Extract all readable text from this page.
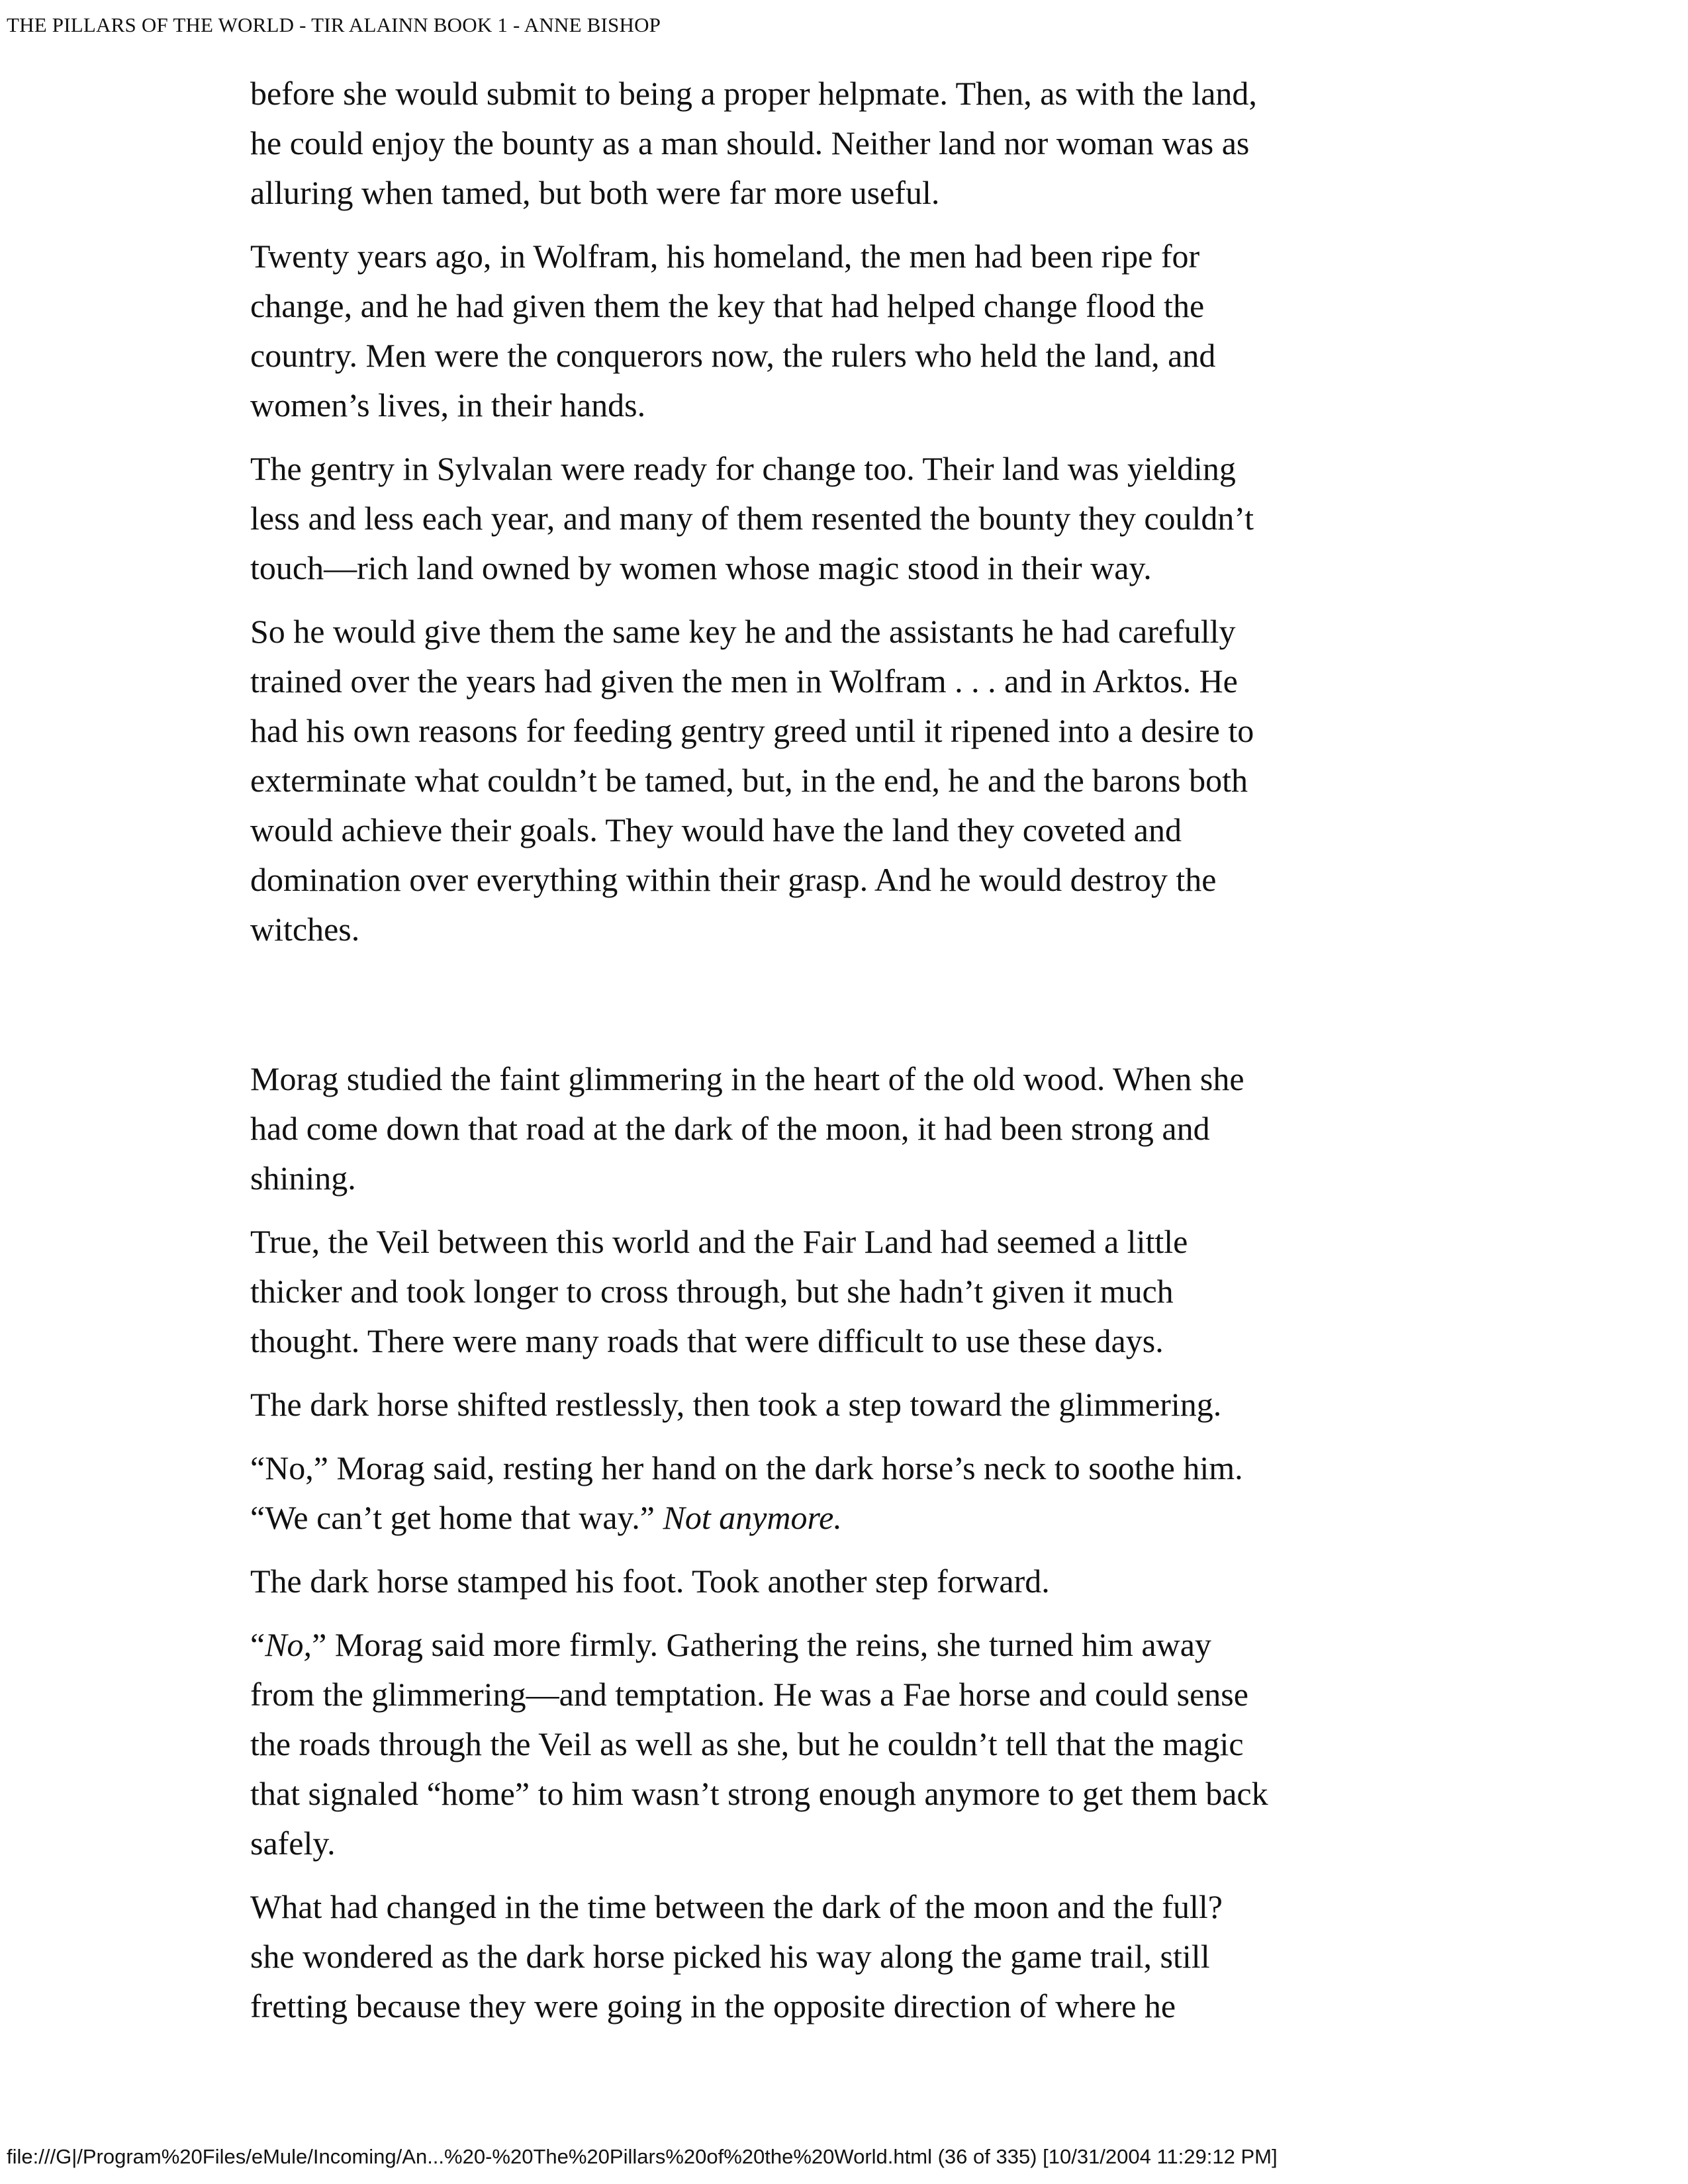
THE PILLARS OF THE WORLD - TIR ALAINN BOOK 1 - ANNE BISHOP

before she would submit to being a proper helpmate. Then, as with the land,
he could enjoy the bounty as a man should. Neither land nor woman was as
alluring when tamed, but both were far more useful.

Twenty years ago, in Wolfram, his homeland, the men had been ripe for
change, and he had given them the key that had helped change flood the
country. Men were the conquerors now, the rulers who held the land, and
women’s lives, in their hands.

The gentry in Sylvalan were ready for change too. Their land was yielding
less and less each year, and many of them resented the bounty they couldn’t
touch—rich land owned by women whose magic stood in their way.

So he would give them the same key he and the assistants he had carefully
trained over the years had given the men in Wolfram . . . and in Arktos. He
had his own reasons for feeding gentry greed until it ripened into a desire to
exterminate what couldn’t be tamed, but, in the end, he and the barons both
would achieve their goals. They would have the land they coveted and
domination over everything within their grasp. And he would destroy the
witches.

Morag studied the faint glimmering in the heart of the old wood. When she
had come down that road at the dark of the moon, it had been strong and
shining.

True, the Veil between this world and the Fair Land had seemed a little
thicker and took longer to cross through, but she hadn’t given it much
thought. There were many roads that were difficult to use these days.

The dark horse shifted restlessly, then took a step toward the glimmering.

“No,” Morag said, resting her hand on the dark horse’s neck to soothe him.
“We can’t get home that way.” Not anymore.

The dark horse stamped his foot. Took another step forward.

“No,” Morag said more firmly. Gathering the reins, she turned him away
from the glimmering—and temptation. He was a Fae horse and could sense
the roads through the Veil as well as she, but he couldn’t tell that the magic
that signaled “home” to him wasn’t strong enough anymore to get them back
safely.

What had changed in the time between the dark of the moon and the full?
she wondered as the dark horse picked his way along the game trail, still
fretting because they were going in the opposite direction of where he

file:///G|/Program%20Files/eMule/Incoming/An...%20-%20The%20Pillars%20of%20the%20World.html (36 of 335) [10/31/2004 11:29:12 PM]
